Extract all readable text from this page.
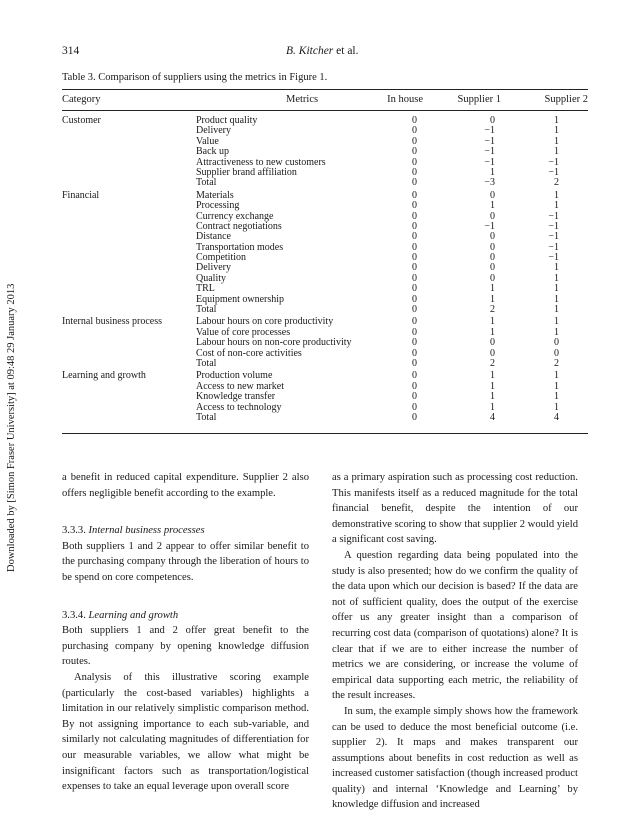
Downloaded by [Simon Fraser University] at 09:48 29 January 2013
314	B. Kitcher et al.
Table 3. Comparison of suppliers using the metrics in Figure 1.
Category	Metrics	In house	Supplier 1	Supplier 2
Customer	Product quality	0	0	1
Delivery	0	−1	1
Value	0	−1	1
Back up	0	−1	1
Attractiveness to new customers	0	−1	−1
Supplier brand affiliation	0	1	−1
Total	0	−3	2
Financial	Materials	0	0	1
Processing	0	1	1
Currency exchange	0	0	−1
Contract negotiations	0	−1	−1
Distance	0	0	−1
Transportation modes	0	0	−1
Competition	0	0	−1
Delivery	0	0	1
Quality	0	0	1
TRL	0	1	1
Equipment ownership	0	1	1
Total	0	2	1
Internal business process	Labour hours on core productivity	0	1	1
Value of core processes	0	1	1
Labour hours on non-core productivity	0	0	0
Cost of non-core activities	0	0	0
Total	0	2	2
Learning and growth	Production volume	0	1	1
Access to new market	0	1	1
Knowledge transfer	0	1	1
Access to technology	0	1	1
Total	0	4	4

a benefit in reduced capital expenditure. Supplier 2 also offers negligible benefit according to the example.

3.3.3. Internal business processes

Both suppliers 1 and 2 appear to offer similar benefit to the purchasing company through the liberation of hours to be spend on core competences.

3.3.4. Learning and growth

Both suppliers 1 and 2 offer great benefit to the purchasing company by opening knowledge diffusion routes.

Analysis of this illustrative scoring example (particularly the cost-based variables) highlights a limitation in our relatively simplistic comparison method. By not assigning importance to each sub-variable, and similarly not calculating magnitudes of differentiation for our measurable variables, we allow what might be insignificant factors such as transportation/logistical expenses to take an equal leverage upon overall score

as a primary aspiration such as processing cost reduction. This manifests itself as a reduced magnitude for the total financial benefit, despite the intention of our demonstrative scoring to show that supplier 2 would yield a significant cost saving.

A question regarding data being populated into the study is also presented; how do we confirm the quality of the data upon which our decision is based? If the data are not of sufficient quality, does the output of the exercise offer us any greater insight than a comparison of recurring cost data (comparison of quotations) alone? It is clear that if we are to either increase the number of metrics we are considering, or increase the volume of empirical data supporting each metric, the reliability of the result increases.

In sum, the example simply shows how the framework can be used to deduce the most beneficial outcome (i.e. supplier 2). It maps and makes transparent our assumptions about benefits in cost reduction as well as increased customer satisfaction (though increased product quality) and internal ‘Knowledge and Learning’ by knowledge diffusion and increased
